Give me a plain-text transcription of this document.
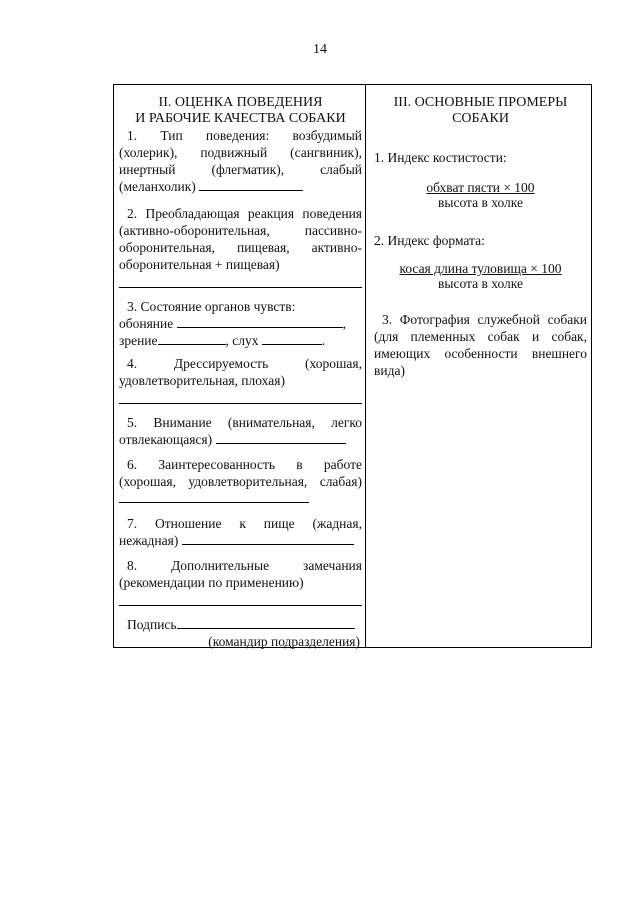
14
II. ОЦЕНКА ПОВЕДЕНИЯ
И РАБОЧИЕ КАЧЕСТВА СОБАКИ
1. Тип поведения: возбудимый (холерик), подвижный (сангвиник), инертный (флегматик), слабый (меланхолик)
2. Преобладающая реакция поведения (активно-оборонительная, пассивно-оборонительная, пищевая, активно-оборонительная + пищевая)
3. Состояние органов чувств:
обоняние	,
зрение	, слух	.
4. Дрессируемость (хорошая, удовлетворительная, плохая)
5. Внимание (внимательная, легко отвлекающаяся)
6. Заинтересованность в работе (хорошая, удовлетворительная, слабая)
7. Отношение к пище (жадная, нежадная)
8. Дополнительные замечания (рекомендации по применению)
Подпись
(командир подразделения)
III. ОСНОВНЫЕ ПРОМЕРЫ
СОБАКИ
1. Индекс костистости:
обхват пясти × 100
высота в холке
2. Индекс формата:
косая длина туловища × 100
высота в холке
3. Фотография служебной собаки (для племенных собак и собак, имеющих особенности внешнего вида)
